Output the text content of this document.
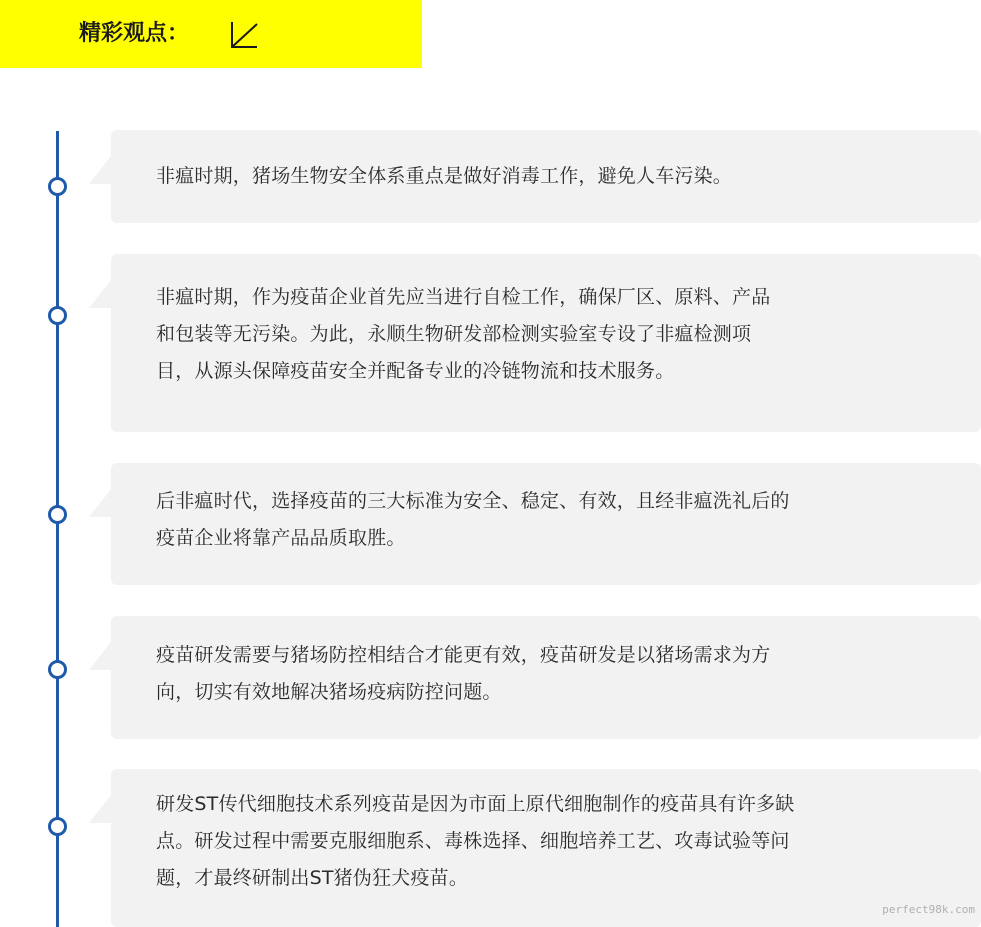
精彩观点：
非瘟时期，猪场生物安全体系重点是做好消毒工作，避免人车污染。
非瘟时期，作为疫苗企业首先应当进行自检工作，确保厂区、原料、产品
和包装等无污染。为此，永顺生物研发部检测实验室专设了非瘟检测项
目，从源头保障疫苗安全并配备专业的冷链物流和技术服务。
后非瘟时代，选择疫苗的三大标准为安全、稳定、有效，且经非瘟洗礼后的
疫苗企业将靠产品品质取胜。
疫苗研发需要与猪场防控相结合才能更有效，疫苗研发是以猪场需求为方
向，切实有效地解决猪场疫病防控问题。
研发ST传代细胞技术系列疫苗是因为市面上原代细胞制作的疫苗具有许多缺
点。研发过程中需要克服细胞系、毒株选择、细胞培养工艺、攻毒试验等问
题，才最终研制出ST猪伪狂犬疫苗。
perfect98k.com
